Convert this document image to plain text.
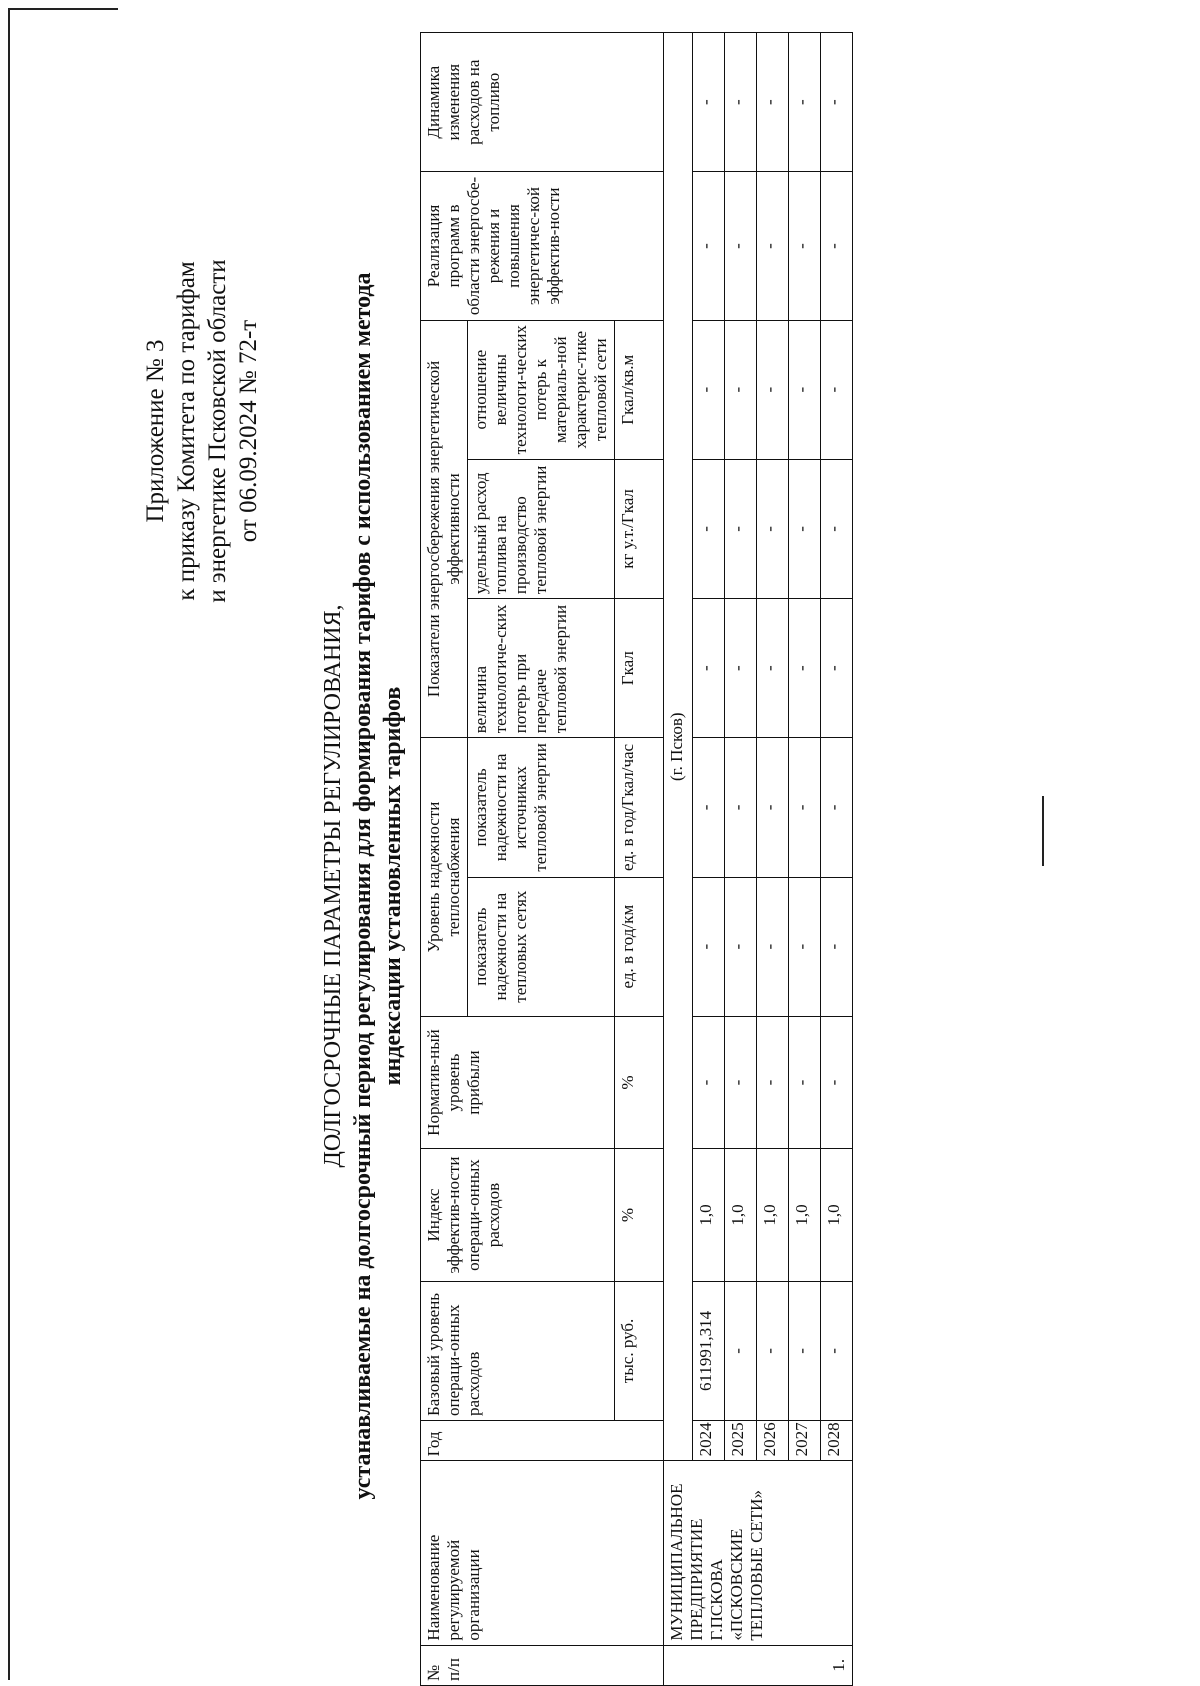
Приложение № 3 к приказу Комитета по тарифам и энергетике Псковской области от 06.09.2024 № 72-т
ДОЛГОСРОЧНЫЕ ПАРАМЕТРЫ РЕГУЛИРОВАНИЯ, устанавливаемые на долгосрочный период регулирования для формирования тарифов с использованием метода индексации установленных тарифов
№ п/п	Наименование регулируемой организации	Год	Базовый уровень операци-онных расходов	Индекс эффектив-ности операци-онных расходов	Норматив-ный уровень прибыли	Уровень надежности теплоснабжения		Показатели энергосбережения энергетической эффективности			Реализация программ в области энергосбе-режения и повышения энергетичес-кой эффектив-ности	Динамика изменения расходов на топливо
						показатель надежности на тепловых сетях	показатель надежности на источниках тепловой энергии	величина технологиче-ских потерь при передаче тепловой энергии	удельный расход топлива на производство тепловой энергии	отношение величины технологи-ческих потерь к материаль-ной характерис-тике тепловой сети		
			тыс. руб.	%	%	ед. в год/км	ед. в год/Гкал/час	Гкал	кг у.т./Гкал	Гкал/кв.м		
1.	МУНИЦИПАЛЬНОЕ ПРЕДПРИЯТИЕ Г.ПСКОВА «ПСКОВСКИЕ ТЕПЛОВЫЕ СЕТИ»	(г. Псков)										
		2024	611991,314	1,0	-	-	-	-	-	-	-	-
		2025	-	1,0	-	-	-	-	-	-	-	-
		2026	-	1,0	-	-	-	-	-	-	-	-
		2027	-	1,0	-	-	-	-	-	-	-	-
		2028	-	1,0	-	-	-	-	-	-	-	-
